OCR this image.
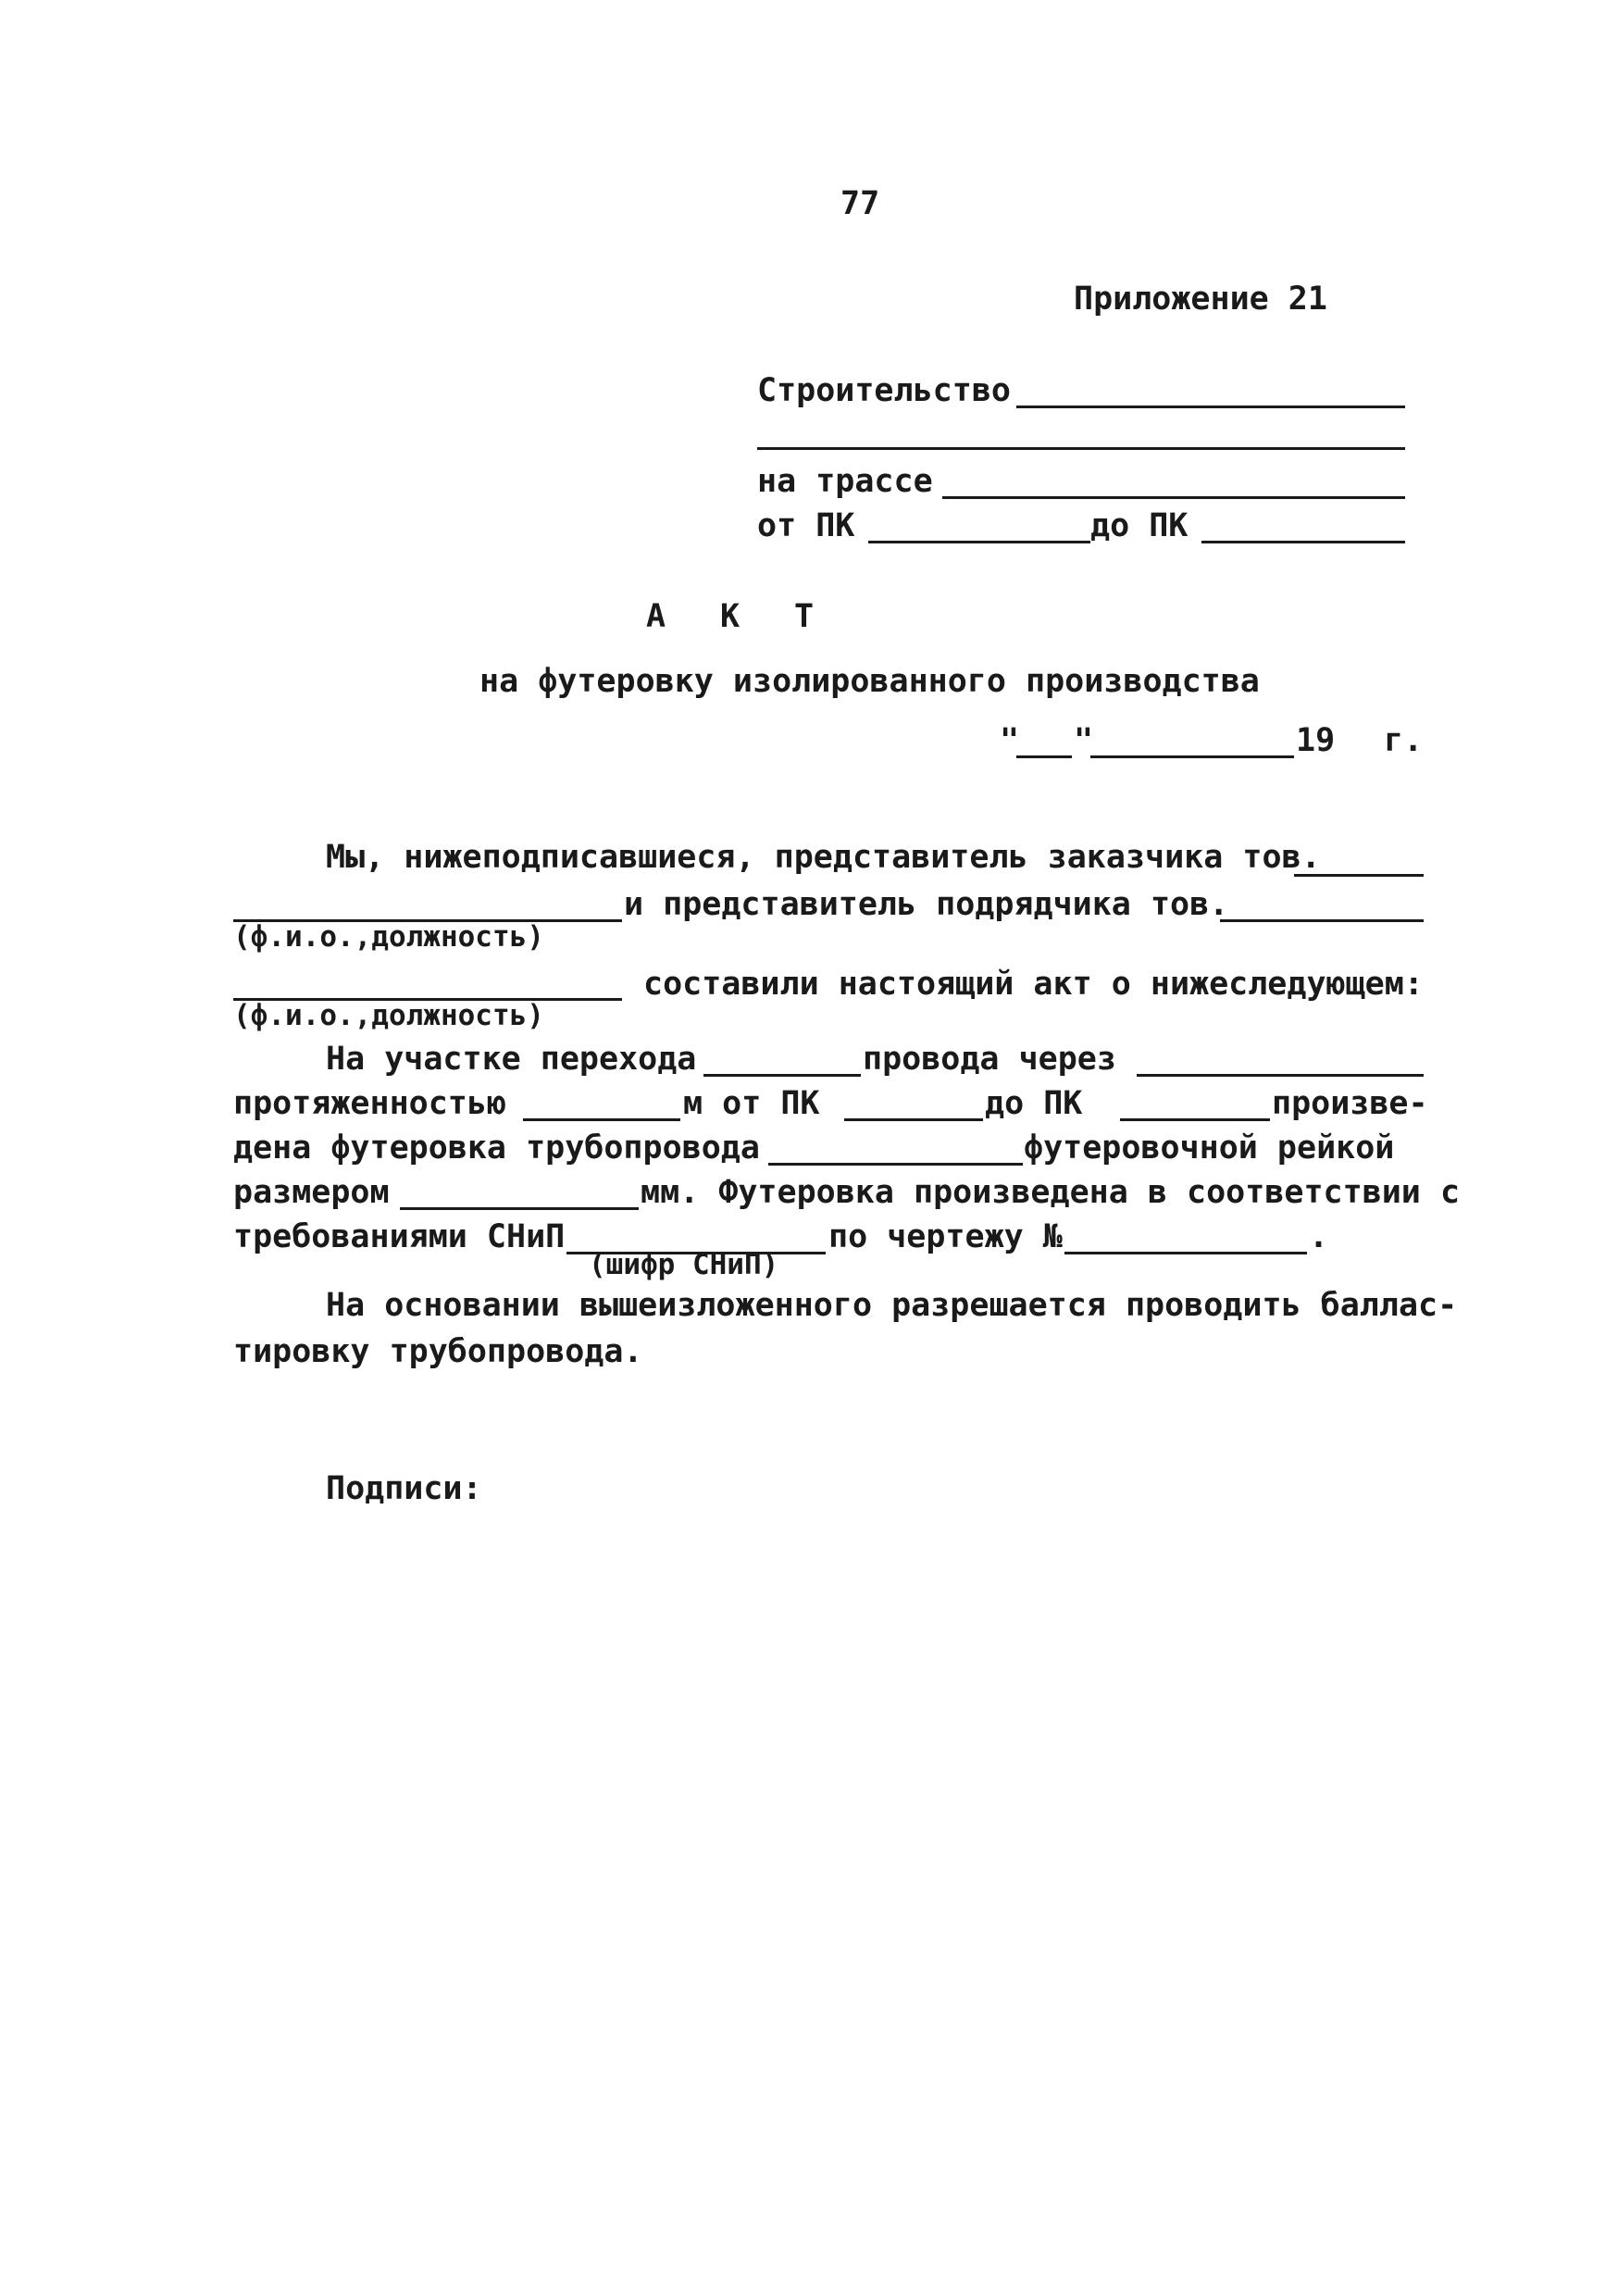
77
Приложение 21
Строительство
на трассе
от ПК	до ПК
А К Т
на футеровку изолированного производства
" "	19 г.
Мы, нижеподписавшиеся, представитель заказчика тов.
и представитель подрядчика тов.
(ф.и.о.,должность)
составили настоящий акт о нижеследующем:
(ф.и.о.,должность)
На участке перехода	провода через
протяженностью	м от ПК	до ПК	произве-
дена футеровка трубопровода	футеровочной рейкой
размером	мм. Футеровка произведена в соответствии с
требованиями СНиП
(шифр СНиП)
по чертежу №	.
На основании вышеизложенного разрешается проводить баллас-
тировку трубопровода.
Подписи:
